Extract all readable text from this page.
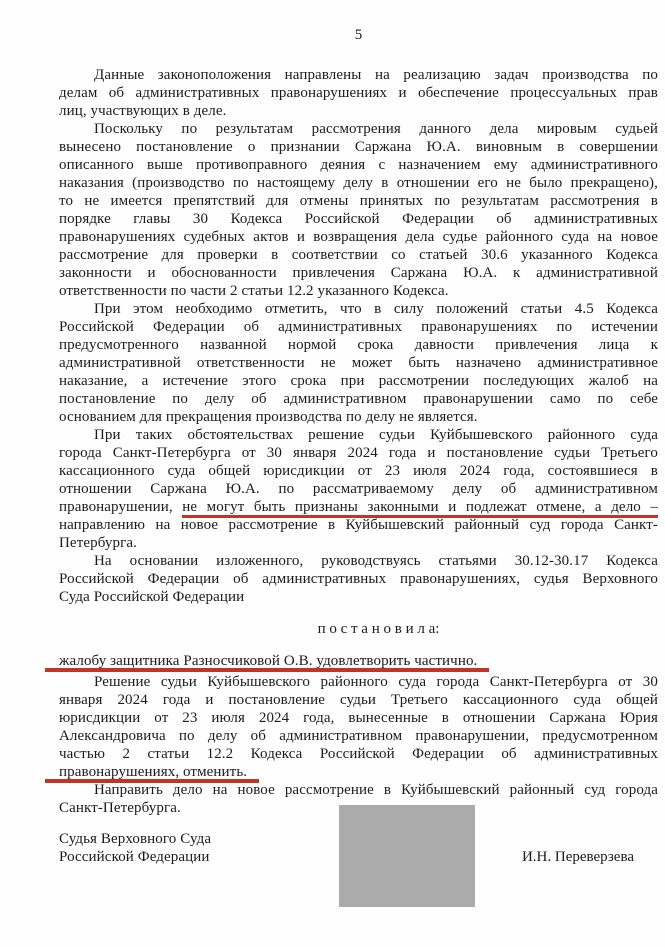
5
Данные законоположения направлены на реализацию задач производства по
делам об административных правонарушениях и обеспечение процессуальных прав
лиц, участвующих в деле.
Поскольку по результатам рассмотрения данного дела мировым судьей
вынесено постановление о признании Саржана Ю.А. виновным в совершении
описанного выше противоправного деяния с назначением ему административного
наказания (производство по настоящему делу в отношении его не было прекращено),
то не имеется препятствий для отмены принятых по результатам рассмотрения в
порядке главы 30 Кодекса Российской Федерации об административных
правонарушениях судебных актов и возвращения дела судье районного суда на новое
рассмотрение для проверки в соответствии со статьей 30.6 указанного Кодекса
законности и обоснованности привлечения Саржана Ю.А. к административной
ответственности по части 2 статьи 12.2 указанного Кодекса.
При этом необходимо отметить, что в силу положений статьи 4.5 Кодекса
Российской Федерации об административных правонарушениях по истечении
предусмотренного названной нормой срока давности привлечения лица к
административной ответственности не может быть назначено административное
наказание, а истечение этого срока при рассмотрении последующих жалоб на
постановление по делу об административном правонарушении само по себе
основанием для прекращения производства по делу не является.
При таких обстоятельствах решение судьи Куйбышевского районного суда
города Санкт-Петербурга от 30 января 2024 года и постановление судьи Третьего
кассационного суда общей юрисдикции от 23 июля 2024 года, состоявшиеся в
отношении Саржана Ю.А. по рассматриваемому делу об административном
правонарушении, не могут быть признаны законными и подлежат отмене, а дело –
направлению на новое рассмотрение в Куйбышевский районный суд города Санкт-
Петербурга.
На основании изложенного, руководствуясь статьями 30.12-30.17 Кодекса
Российской Федерации об административных правонарушениях, судья Верховного
Суда Российской Федерации
п о с т а н о в и л а:
жалобу защитника Разносчиковой О.В. удовлетворить частично.
Решение судьи Куйбышевского районного суда города Санкт-Петербурга от 30
января 2024 года и постановление судьи Третьего кассационного суда общей
юрисдикции от 23 июля 2024 года, вынесенные в отношении Саржана Юрия
Александровича по делу об административном правонарушении, предусмотренном
частью 2 статьи 12.2 Кодекса Российской Федерации об административных
правонарушениях, отменить.
Направить дело на новое рассмотрение в Куйбышевский районный суд города
Санкт-Петербурга.
Судья Верховного Суда
Российской Федерации	И.Н. Переверзева
